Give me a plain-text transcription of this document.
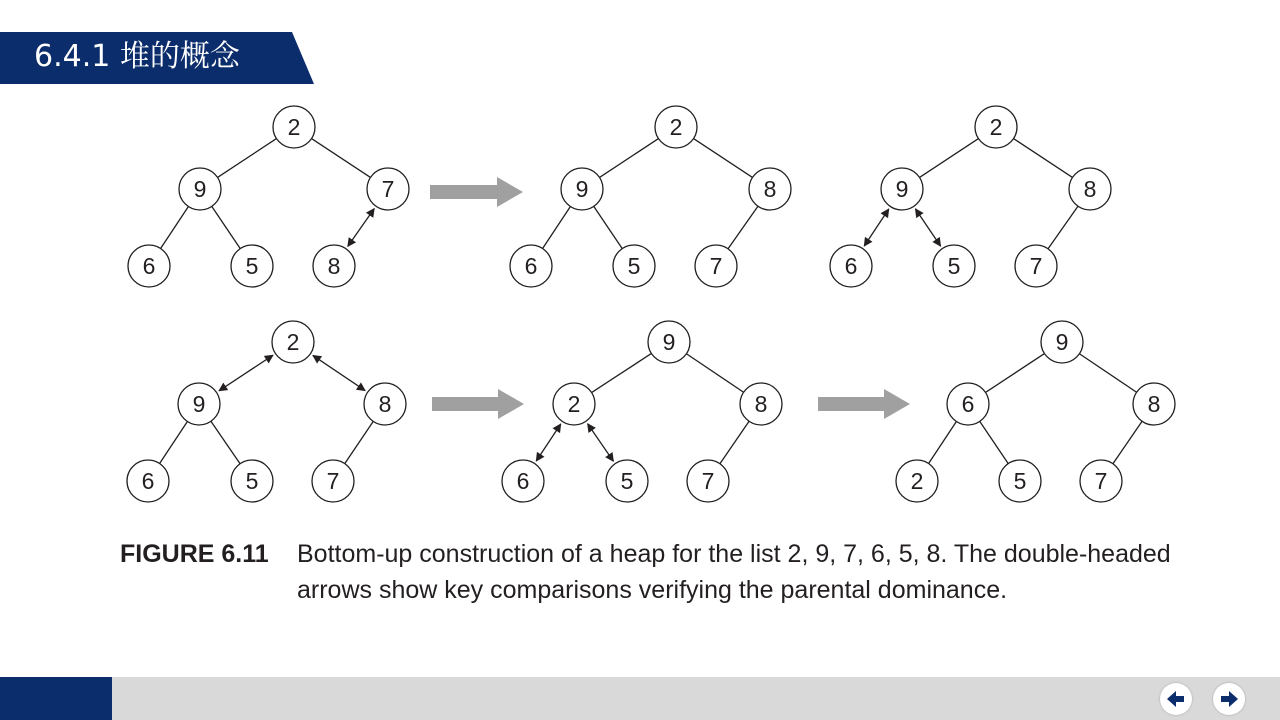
6.4.1 堆的概念
2
9	7
6	5	8
2
9	8
6	5	7
2
9	8
6	5	7
2
9	8
6	5	7
9
2	8
6	5	7
9
6	8
2	5	7
FIGURE 6.11 Bottom-up construction of a heap for the list 2, 9, 7, 6, 5, 8. The double-headed arrows show key comparisons verifying the parental dominance.
